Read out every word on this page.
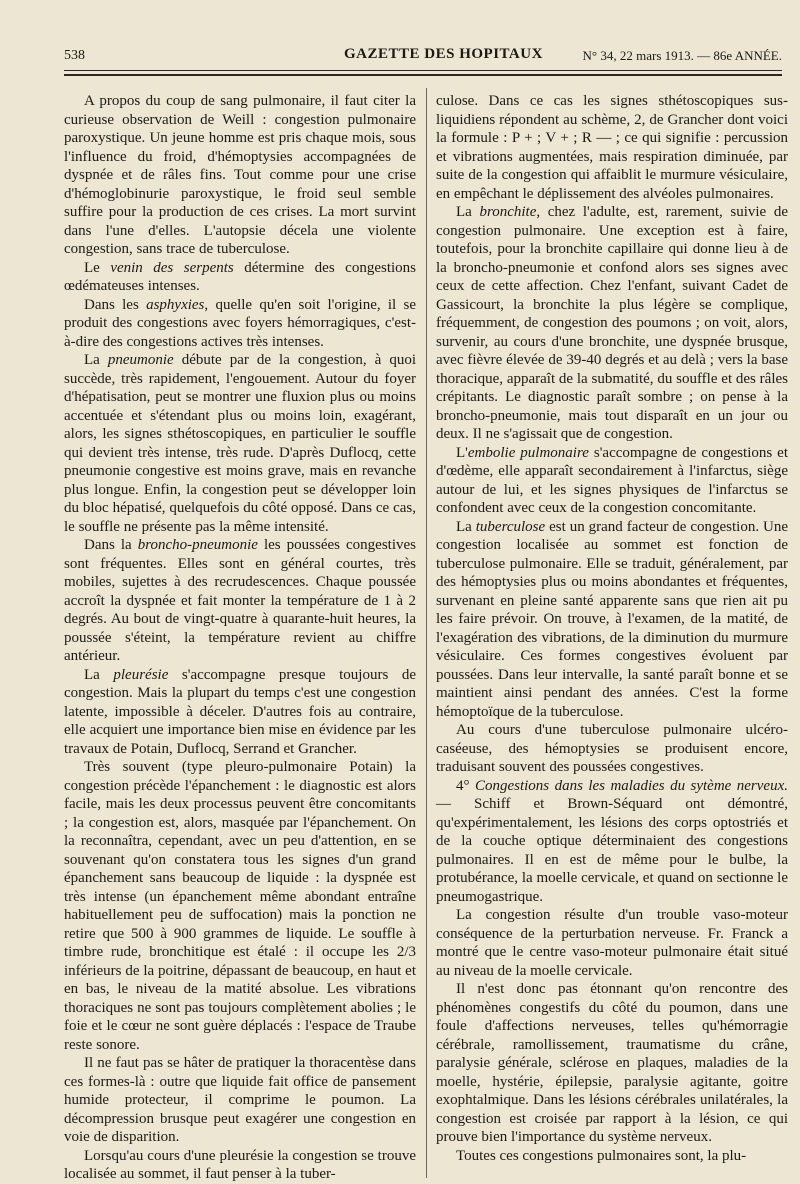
538	GAZETTE DES HOPITAUX	N° 34, 22 mars 1913. — 86e ANNÉE.

A propos du coup de sang pulmonaire, il faut citer la curieuse observation de Weill : congestion pulmonaire paroxystique. Un jeune homme est pris chaque mois, sous l'influence du froid, d'hémoptysies accompagnées de dyspnée et de râles fins. Tout comme pour une crise d'hémoglobinurie paroxystique, le froid seul semble suffire pour la production de ces crises. La mort survint dans l'une d'elles. L'autopsie décela une violente congestion, sans trace de tuberculose.

Le venin des serpents détermine des congestions œdémateuses intenses.

Dans les asphyxies, quelle qu'en soit l'origine, il se produit des congestions avec foyers hémorragiques, c'est-à-dire des congestions actives très intenses.

La pneumonie débute par de la congestion, à quoi succède, très rapidement, l'engouement. Autour du foyer d'hépatisation, peut se montrer une fluxion plus ou moins accentuée et s'étendant plus ou moins loin, exagérant, alors, les signes sthétoscopiques, en particulier le souffle qui devient très intense, très rude. D'après Duflocq, cette pneumonie congestive est moins grave, mais en revanche plus longue. Enfin, la congestion peut se développer loin du bloc hépatisé, quelquefois du côté opposé. Dans ce cas, le souffle ne présente pas la même intensité.

Dans la broncho-pneumonie les poussées congestives sont fréquentes. Elles sont en général courtes, très mobiles, sujettes à des recrudescences. Chaque poussée accroît la dyspnée et fait monter la température de 1 à 2 degrés. Au bout de vingt-quatre à quarante-huit heures, la poussée s'éteint, la température revient au chiffre antérieur.

La pleurésie s'accompagne presque toujours de congestion. Mais la plupart du temps c'est une congestion latente, impossible à déceler. D'autres fois au contraire, elle acquiert une importance bien mise en évidence par les travaux de Potain, Duflocq, Serrand et Grancher.

Très souvent (type pleuro-pulmonaire Potain) la congestion précède l'épanchement : le diagnostic est alors facile, mais les deux processus peuvent être concomitants ; la congestion est, alors, masquée par l'épanchement. On la reconnaîtra, cependant, avec un peu d'attention, en se souvenant qu'on constatera tous les signes d'un grand épanchement sans beaucoup de liquide : la dyspnée est très intense (un épanchement même abondant entraîne habituellement peu de suffocation) mais la ponction ne retire que 500 à 900 grammes de liquide. Le souffle à timbre rude, bronchitique est étalé : il occupe les 2/3 inférieurs de la poitrine, dépassant de beaucoup, en haut et en bas, le niveau de la matité absolue. Les vibrations thoraciques ne sont pas toujours complètement abolies ; le foie et le cœur ne sont guère déplacés : l'espace de Traube reste sonore.

Il ne faut pas se hâter de pratiquer la thoracentèse dans ces formes-là : outre que liquide fait office de pansement humide protecteur, il comprime le poumon. La décompression brusque peut exagérer une congestion en voie de disparition.

Lorsqu'au cours d'une pleurésie la congestion se trouve localisée au sommet, il faut penser à la tuber-

culose. Dans ce cas les signes sthétoscopiques sus-liquidiens répondent au schème, 2, de Grancher dont voici la formule : P + ; V + ; R — ; ce qui signifie : percussion et vibrations augmentées, mais respiration diminuée, par suite de la congestion qui affaiblit le murmure vésiculaire, en empêchant le déplissement des alvéoles pulmonaires.

La bronchite, chez l'adulte, est, rarement, suivie de congestion pulmonaire. Une exception est à faire, toutefois, pour la bronchite capillaire qui donne lieu à de la broncho-pneumonie et confond alors ses signes avec ceux de cette affection. Chez l'enfant, suivant Cadet de Gassicourt, la bronchite la plus légère se complique, fréquemment, de congestion des poumons ; on voit, alors, survenir, au cours d'une bronchite, une dyspnée brusque, avec fièvre élevée de 39-40 degrés et au delà ; vers la base thoracique, apparaît de la submatité, du souffle et des râles crépitants. Le diagnostic paraît sombre ; on pense à la broncho-pneumonie, mais tout disparaît en un jour ou deux. Il ne s'agissait que de congestion.

L'embolie pulmonaire s'accompagne de congestions et d'œdème, elle apparaît secondairement à l'infarctus, siège autour de lui, et les signes physiques de l'infarctus se confondent avec ceux de la congestion concomitante.

La tuberculose est un grand facteur de congestion. Une congestion localisée au sommet est fonction de tuberculose pulmonaire. Elle se traduit, généralement, par des hémoptysies plus ou moins abondantes et fréquentes, survenant en pleine santé apparente sans que rien ait pu les faire prévoir. On trouve, à l'examen, de la matité, de l'exagération des vibrations, de la diminution du murmure vésiculaire. Ces formes congestives évoluent par poussées. Dans leur intervalle, la santé paraît bonne et se maintient ainsi pendant des années. C'est la forme hémoptoïque de la tuberculose.

Au cours d'une tuberculose pulmonaire ulcéro-caséeuse, des hémoptysies se produisent encore, traduisant souvent des poussées congestives.

4° Congestions dans les maladies du sytème nerveux. — Schiff et Brown-Séquard ont démontré, qu'expérimentalement, les lésions des corps optostriés et de la couche optique déterminaient des congestions pulmonaires. Il en est de même pour le bulbe, la protubérance, la moelle cervicale, et quand on sectionne le pneumogastrique.

La congestion résulte d'un trouble vaso-moteur conséquence de la perturbation nerveuse. Fr. Franck a montré que le centre vaso-moteur pulmonaire était situé au niveau de la moelle cervicale.

Il n'est donc pas étonnant qu'on rencontre des phénomènes congestifs du côté du poumon, dans une foule d'affections nerveuses, telles qu'hémorragie cérébrale, ramollissement, traumatisme du crâne, paralysie générale, sclérose en plaques, maladies de la moelle, hystérie, épilepsie, paralysie agitante, goitre exophtalmique. Dans les lésions cérébrales unilatérales, la congestion est croisée par rapport à la lésion, ce qui prouve bien l'importance du système nerveux.

Toutes ces congestions pulmonaires sont, la plu-
